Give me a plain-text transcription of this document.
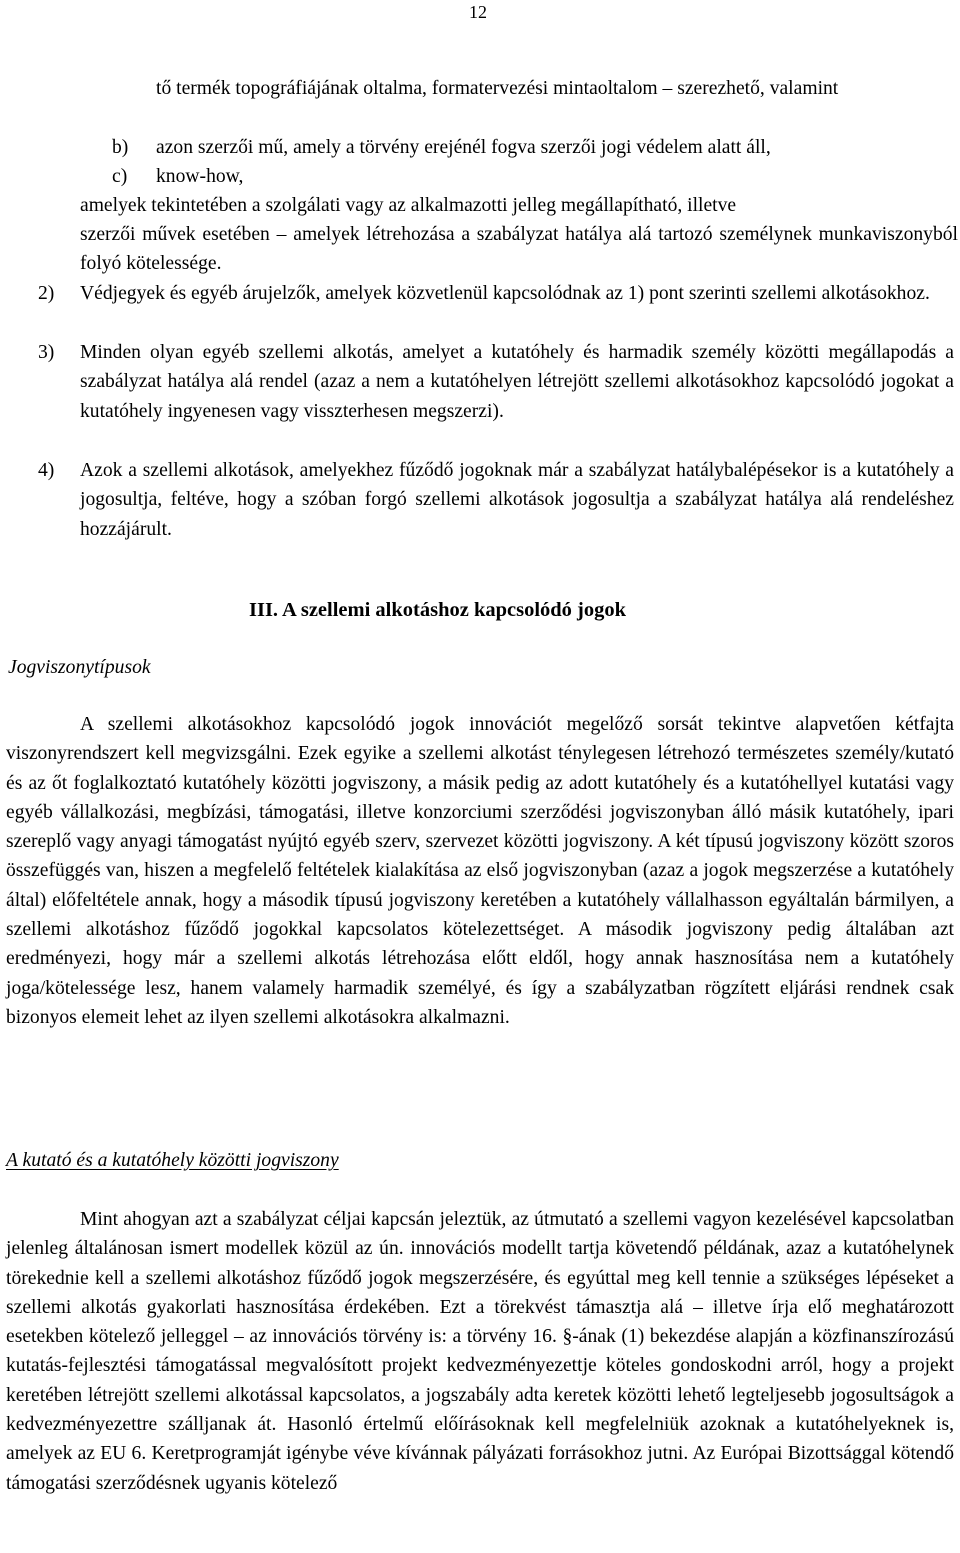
12
tő termék topográfiájának oltalma, formatervezési mintaoltalom – szerezhető, valamint
b) azon szerzői mű, amely a törvény erejénél fogva szerzői jogi védelem alatt áll,
c) know-how,
amelyek tekintetében a szolgálati vagy az alkalmazotti jelleg megállapítható, illetve
szerzői művek esetében – amelyek létrehozása a szabályzat hatálya alá tartozó személynek munkaviszonyból folyó kötelessége.
2)	Védjegyek és egyéb árujelzők, amelyek közvetlenül kapcsolódnak az 1) pont szerinti szellemi alkotásokhoz.
3)	Minden olyan egyéb szellemi alkotás, amelyet a kutatóhely és harmadik személy közötti megállapodás a szabályzat hatálya alá rendel (azaz a nem a kutatóhelyen létrejött szellemi alkotásokhoz kapcsolódó jogokat a kutatóhely ingyenesen vagy visszterhesen megszerzi).
4)	Azok a szellemi alkotások, amelyekhez fűződő jogoknak már a szabályzat hatálybalépésekor is a kutatóhely a jogosultja, feltéve, hogy a szóban forgó szellemi alkotások jogosultja a szabályzat hatálya alá rendeléshez hozzájárult.
III. A szellemi alkotáshoz kapcsolódó jogok
Jogviszonytípusok
A szellemi alkotásokhoz kapcsolódó jogok innovációt megelőző sorsát tekintve alapvetően kétfajta viszonyrendszert kell megvizsgálni. Ezek egyike a szellemi alkotást ténylegesen létrehozó természetes személy/kutató és az őt foglalkoztató kutatóhely közötti jogviszony, a másik pedig az adott kutatóhely és a kutatóhellyel kutatási vagy egyéb vállalkozási, megbízási, támogatási, illetve konzorciumi szerződési jogviszonyban álló másik kutatóhely, ipari szereplő vagy anyagi támogatást nyújtó egyéb szerv, szervezet közötti jogviszony. A két típusú jogviszony között szoros összefüggés van, hiszen a megfelelő feltételek kialakítása az első jogviszonyban (azaz a jogok megszerzése a kutatóhely által) előfeltétele annak, hogy a második típusú jogviszony keretében a kutatóhely vállalhasson egyáltalán bármilyen, a szellemi alkotáshoz fűződő jogokkal kapcsolatos kötelezettséget. A második jogviszony pedig általában azt eredményezi, hogy már a szellemi alkotás létrehozása előtt eldől, hogy annak hasznosítása nem a kutatóhely joga/kötelessége lesz, hanem valamely harmadik személyé, és így a szabályzatban rögzített eljárási rendnek csak bizonyos elemeit lehet az ilyen szellemi alkotásokra alkalmazni.
A kutató és a kutatóhely közötti jogviszony
Mint ahogyan azt a szabályzat céljai kapcsán jeleztük, az útmutató a szellemi vagyon kezelésével kapcsolatban jelenleg általánosan ismert modellek közül az ún. innovációs modellt tartja követendő példának, azaz a kutatóhelynek törekednie kell a szellemi alkotáshoz fűződő jogok megszerzésére, és egyúttal meg kell tennie a szükséges lépéseket a szellemi alkotás gyakorlati hasznosítása érdekében. Ezt a törekvést támasztja alá – illetve írja elő meghatározott esetekben kötelező jelleggel – az innovációs törvény is: a törvény 16. §-ának (1) bekezdése alapján a közfinanszírozású kutatás-fejlesztési támogatással megvalósított projekt kedvezményezettje köteles gondoskodni arról, hogy a projekt keretében létrejött szellemi alkotással kapcsolatos, a jogszabály adta keretek közötti lehető legteljesebb jogosultságok a kedvezményezettre szálljanak át. Hasonló értelmű előírásoknak kell megfelelniük azoknak a kutatóhelyeknek is, amelyek az EU 6. Keretprogramját igénybe véve kívánnak pályázati forrásokhoz jutni. Az Európai Bizottsággal kötendő támogatási szerződésnek ugyanis kötelező
